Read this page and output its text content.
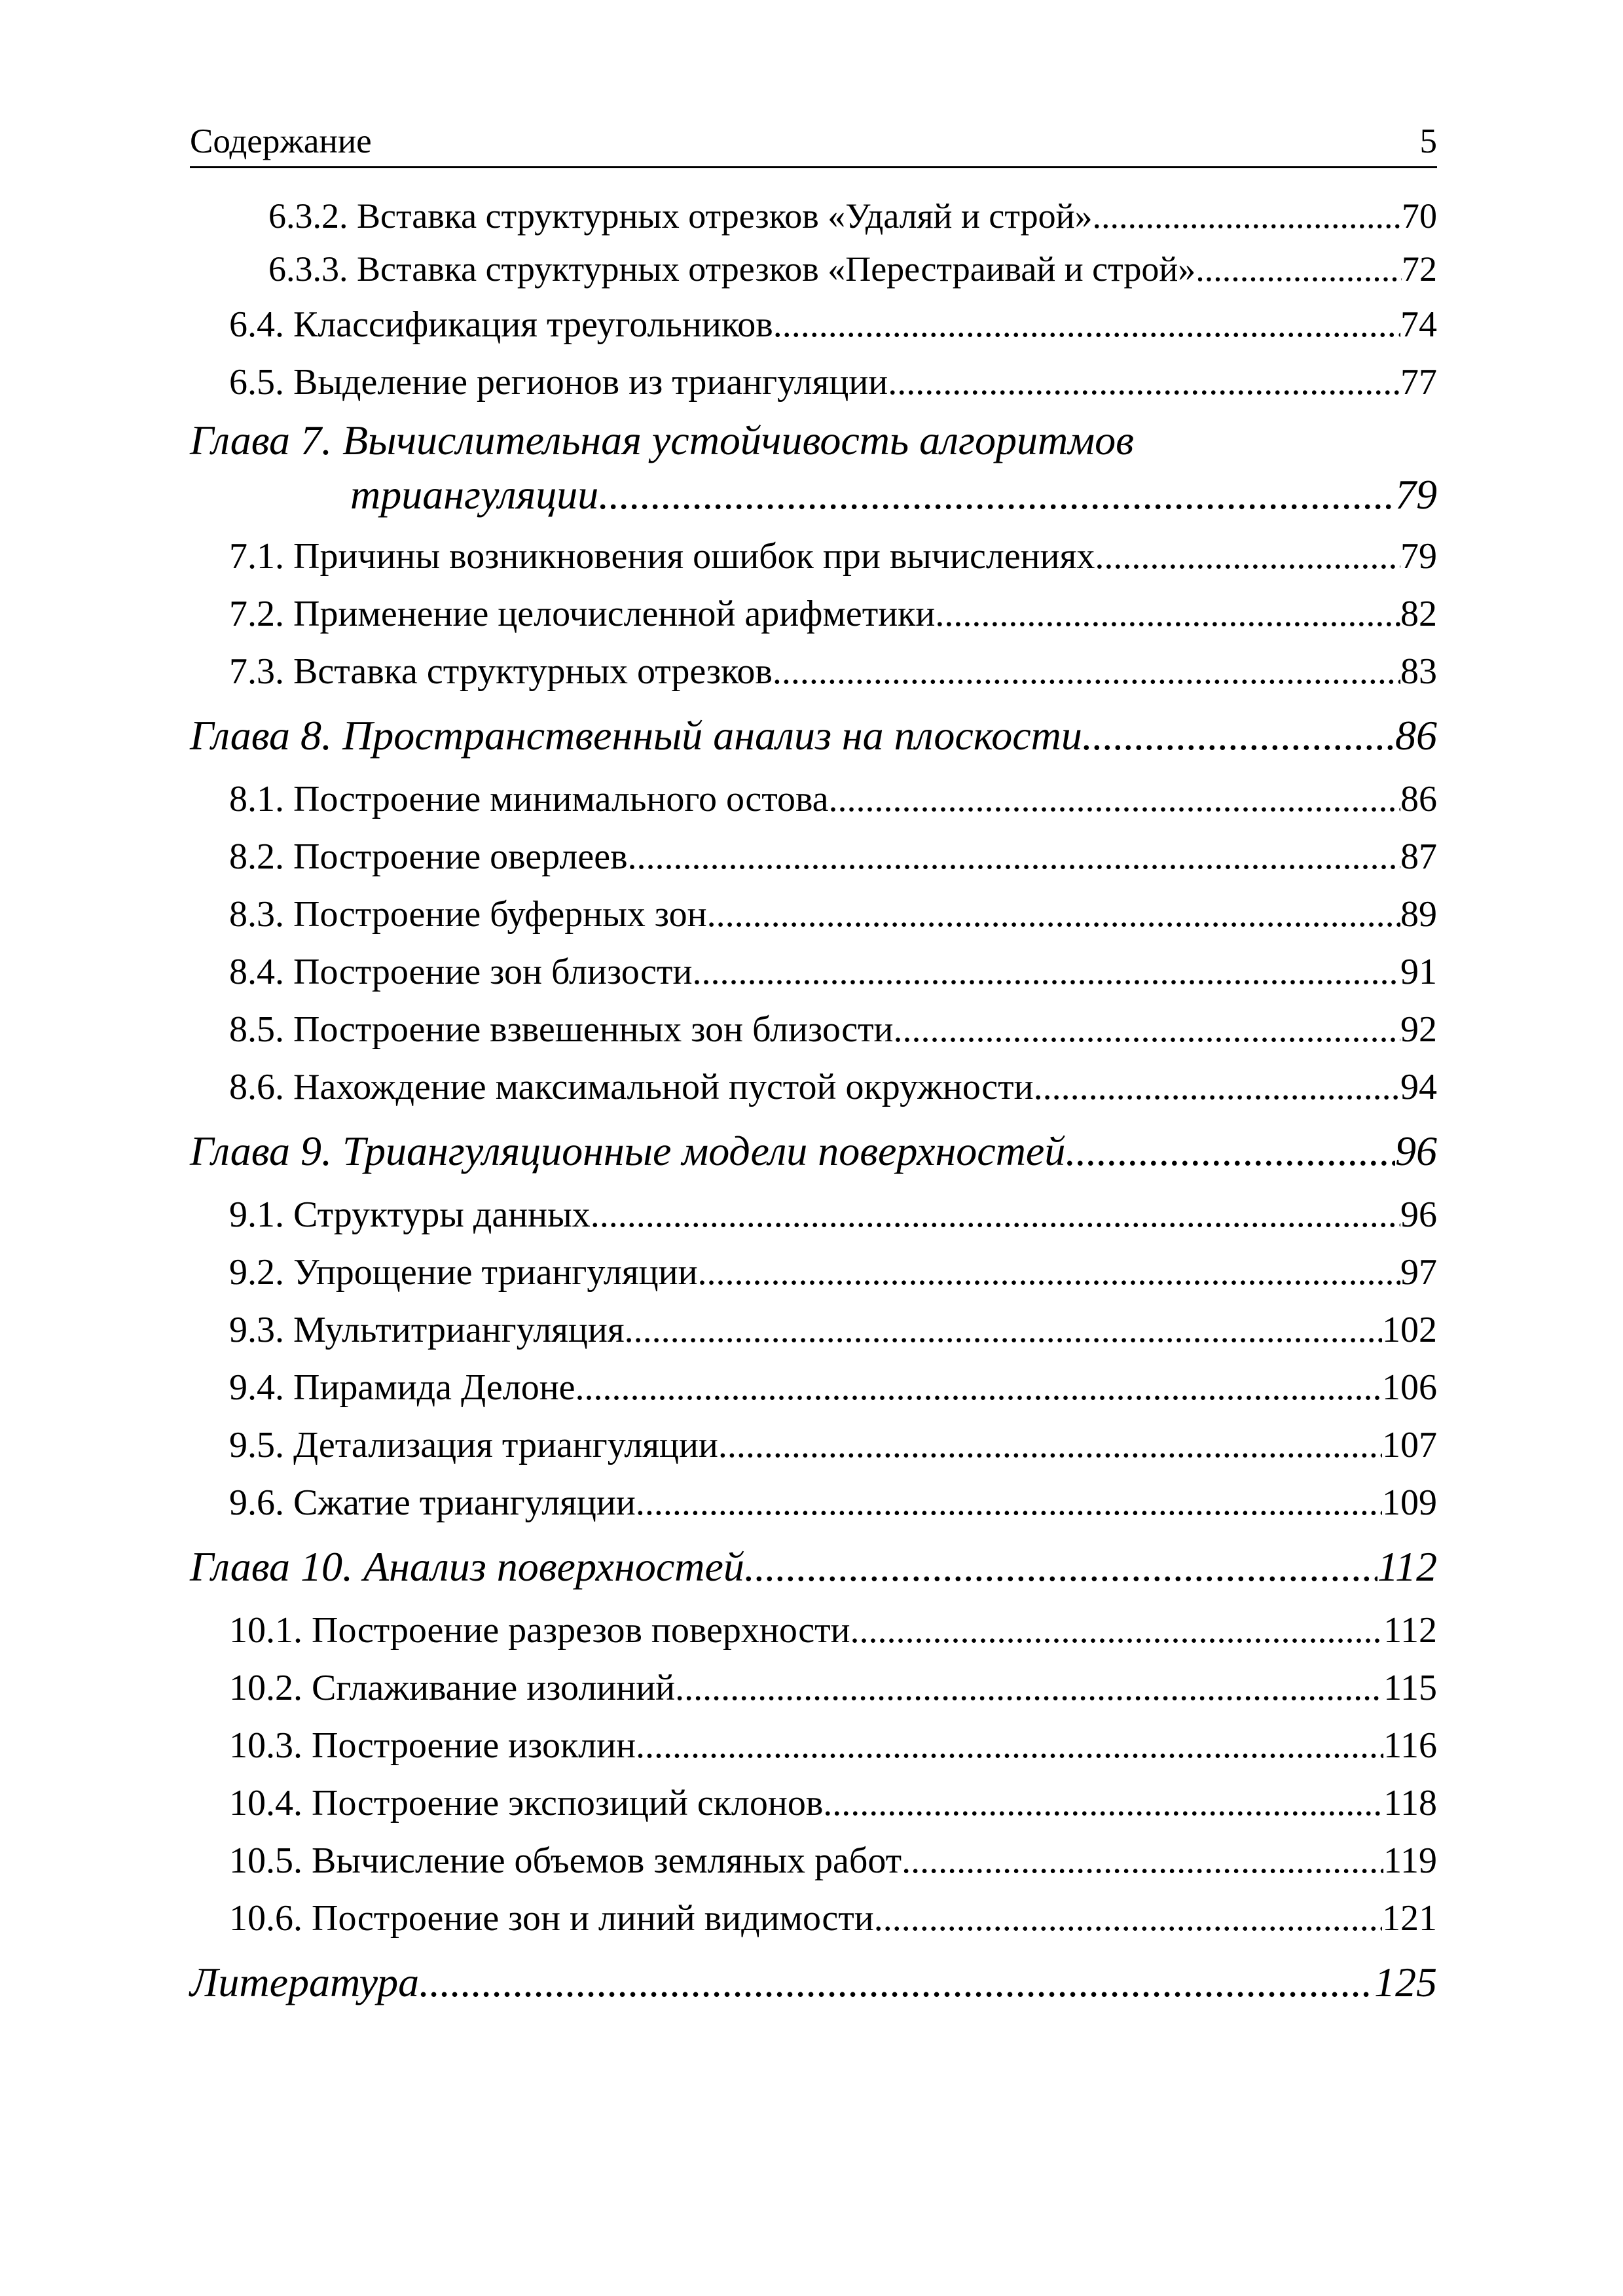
Содержание	5
6.3.2. Вставка структурных отрезков «Удаляй и строй» .....	70
6.3.3. Вставка структурных отрезков «Перестраивай и строй» .....	72
6.4. Классификация треугольников .....	74
6.5. Выделение регионов из триангуляции .....	77
Глава 7. Вычислительная устойчивость алгоритмов
триангуляции .....	79
7.1. Причины возникновения ошибок при вычислениях .....	79
7.2. Применение целочисленной арифметики .....	82
7.3. Вставка структурных отрезков .....	83
Глава 8. Пространственный анализ на плоскости .....	86
8.1. Построение минимального остова .....	86
8.2. Построение оверлеев .....	87
8.3. Построение буферных зон .....	89
8.4. Построение зон близости .....	91
8.5. Построение взвешенных зон близости .....	92
8.6. Нахождение максимальной пустой окружности .....	94
Глава 9. Триангуляционные модели поверхностей .....	96
9.1. Структуры данных .....	96
9.2. Упрощение триангуляции .....	97
9.3. Мультитриангуляция .....	102
9.4. Пирамида Делоне .....	106
9.5. Детализация триангуляции .....	107
9.6. Сжатие триангуляции .....	109
Глава 10. Анализ поверхностей .....	112
10.1. Построение разрезов поверхности .....	112
10.2. Сглаживание изолиний .....	115
10.3. Построение изоклин .....	116
10.4. Построение экспозиций склонов .....	118
10.5. Вычисление объемов земляных работ .....	119
10.6. Построение зон и линий видимости .....	121
Литература .....	125
